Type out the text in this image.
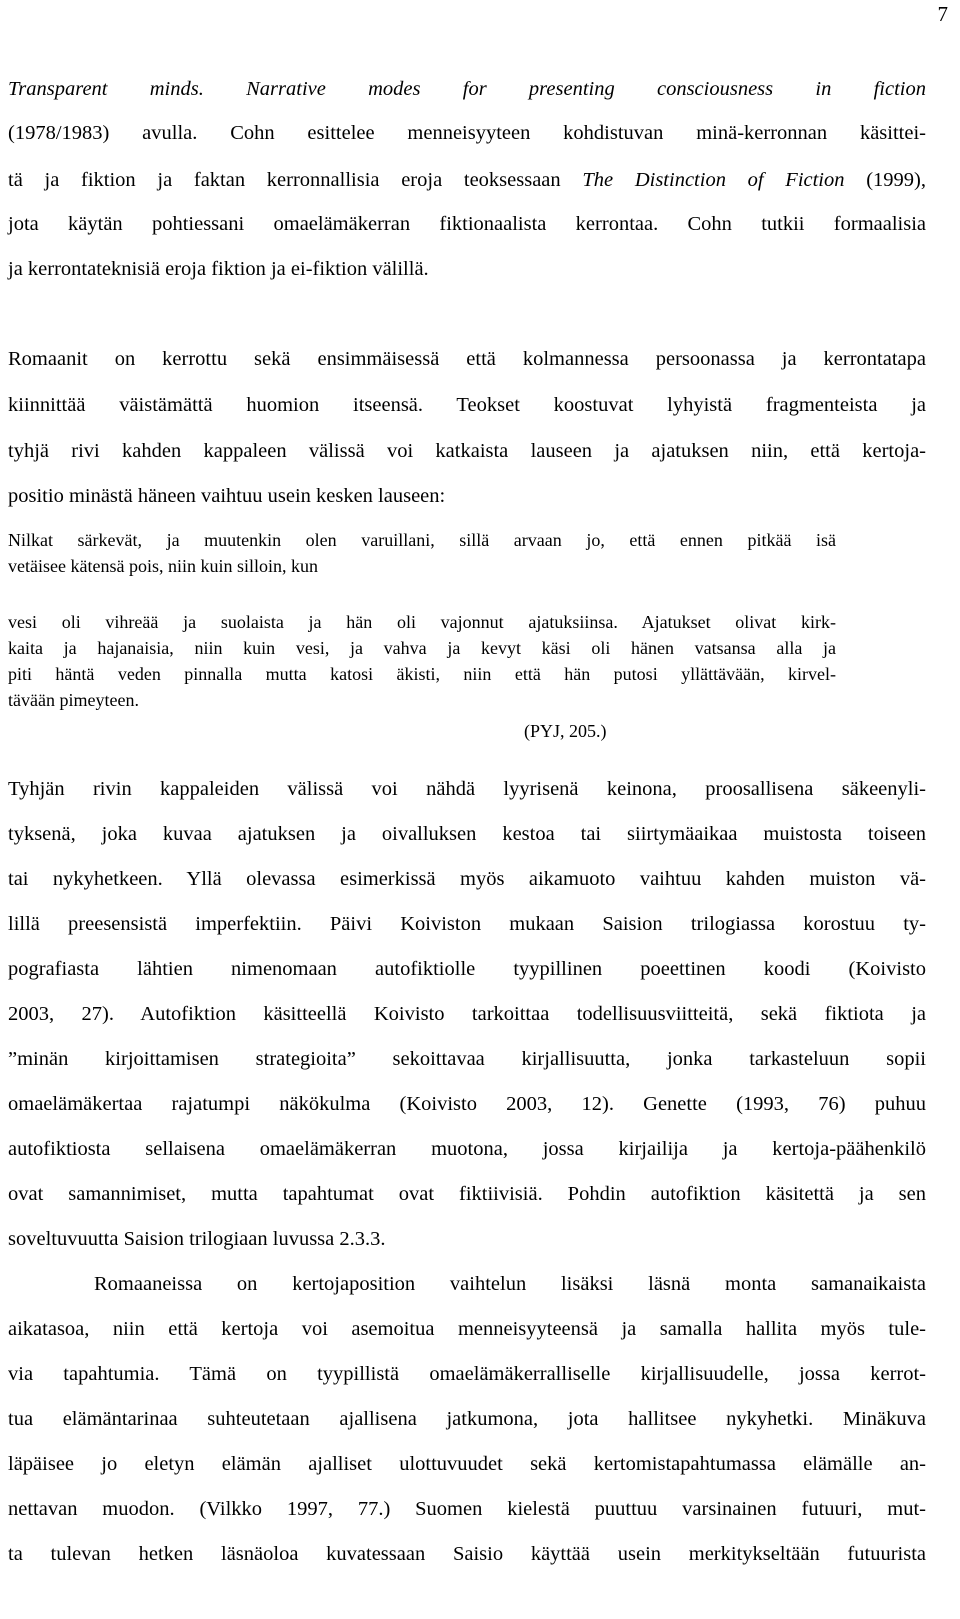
7
Transparent minds. Narrative modes for presenting consciousness in fiction
(1978/1983) avulla. Cohn esittelee menneisyyteen kohdistuvan minä-kerronnan käsittei-
tä ja fiktion ja faktan kerronnallisia eroja teoksessaan The Distinction of Fiction (1999),
jota käytän pohtiessani omaelämäkerran fiktionaalista kerrontaa. Cohn tutkii formaalisia
ja kerrontateknisiä eroja fiktion ja ei-fiktion välillä.
Romaanit on kerrottu sekä ensimmäisessä että kolmannessa persoonassa ja kerrontatapa
kiinnittää väistämättä huomion itseensä. Teokset koostuvat lyhyistä fragmenteista ja
tyhjä rivi kahden kappaleen välissä voi katkaista lauseen ja ajatuksen niin, että kertoja-
positio minästä häneen vaihtuu usein kesken lauseen:
Nilkat särkevät, ja muutenkin olen varuillani, sillä arvaan jo, että ennen pitkää isä
vetäisee kätensä pois, niin kuin silloin, kun
vesi oli vihreää ja suolaista ja hän oli vajonnut ajatuksiinsa. Ajatukset olivat kirk-
kaita ja hajanaisia, niin kuin vesi, ja vahva ja kevyt käsi oli hänen vatsansa alla ja
piti häntä veden pinnalla mutta katosi äkisti, niin että hän putosi yllättävään, kirvel-
tävään pimeyteen.
(PYJ, 205.)
Tyhjän rivin kappaleiden välissä voi nähdä lyyrisenä keinona, proosallisena säkeenyli-
tyksenä, joka kuvaa ajatuksen ja oivalluksen kestoa tai siirtymäaikaa muistosta toiseen
tai nykyhetkeen. Yllä olevassa esimerkissä myös aikamuoto vaihtuu kahden muiston vä-
lillä preesensistä imperfektiin. Päivi Koiviston mukaan Saision trilogiassa korostuu ty-
pografiasta lähtien nimenomaan autofiktiolle tyypillinen poeettinen koodi (Koivisto
2003, 27). Autofiktion käsitteellä Koivisto tarkoittaa todellisuusviitteitä, sekä fiktiota ja
”minän kirjoittamisen strategioita” sekoittavaa kirjallisuutta, jonka tarkasteluun sopii
omaelämäkertaa rajatumpi näkökulma (Koivisto 2003, 12). Genette (1993, 76) puhuu
autofiktiosta sellaisena omaelämäkerran muotona, jossa kirjailija ja kertoja-päähenkilö
ovat samannimiset, mutta tapahtumat ovat fiktiivisiä. Pohdin autofiktion käsitettä ja sen
soveltuvuutta Saision trilogiaan luvussa 2.3.3.
Romaaneissa on kertojaposition vaihtelun lisäksi läsnä monta samanaikaista
aikatasoa, niin että kertoja voi asemoitua menneisyyteensä ja samalla hallita myös tule-
via tapahtumia. Tämä on tyypillistä omaelämäkerralliselle kirjallisuudelle, jossa kerrot-
tua elämäntarinaa suhteutetaan ajallisena jatkumona, jota hallitsee nykyhetki. Minäkuva
läpäisee jo eletyn elämän ajalliset ulottuvuudet sekä kertomistapahtumassa elämälle an-
nettavan muodon. (Vilkko 1997, 77.) Suomen kielestä puuttuu varsinainen futuuri, mut-
ta tulevan hetken läsnäoloa kuvatessaan Saisio käyttää usein merkitykseltään futuurista
